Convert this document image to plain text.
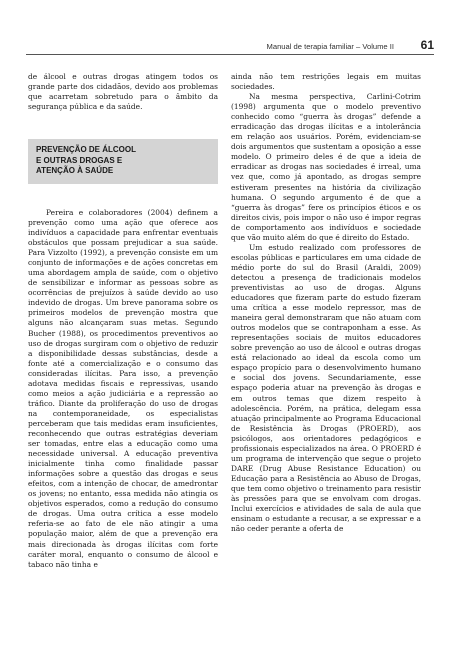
Manual de terapia familiar – Volume II 61

de álcool e outras drogas atingem todos os grande parte dos cidadãos, devido aos problemas que acarretam sobretudo para o âmbito da segurança pública e da saúde.

PREVENÇÃO DE ÁLCOOL
E OUTRAS DROGAS E
ATENÇÃO À SAÚDE

Pereira e colaboradores (2004) definem a prevenção como uma ação que oferece aos indivíduos a capacidade para enfrentar eventuais obstáculos que possam prejudicar a sua saúde. Para Vizzolto (1992), a prevenção consiste em um conjunto de informações e de ações concretas em uma abordagem ampla de saúde, com o objetivo de sensibilizar e informar as pessoas sobre as ocorrências de prejuízos à saúde devido ao uso indevido de drogas. Um breve panorama sobre os primeiros modelos de prevenção mostra que alguns não alcançaram suas metas. Segundo Bucher (1988), os procedimentos preventivos ao uso de drogas surgiram com o objetivo de reduzir a disponibilidade dessas substâncias, desde a fonte até a comercialização e o consumo das consideradas ilícitas. Para isso, a prevenção adotava medidas fiscais e repressivas, usando como meios a ação judiciária e a repressão ao tráfico. Diante da proliferação do uso de drogas na contemporaneidade, os especialistas perceberam que tais medidas eram insuficientes, reconhecendo que outras estratégias deveriam ser tomadas, entre elas a educação como uma necessidade universal. A educação preventiva inicialmente tinha como finalidade passar informações sobre a questão das drogas e seus efeitos, com a intenção de chocar, de amedrontar os jovens; no entanto, essa medida não atingia os objetivos esperados, como a redução do consumo de drogas. Uma outra crítica a esse modelo referia-se ao fato de ele não atingir a uma população maior, além de que a prevenção era mais direcionada às drogas ilícitas com forte caráter moral, enquanto o consumo de álcool e tabaco não tinha e

ainda não tem restrições legais em muitas sociedades.

Na mesma perspectiva, Carlini-Cotrim (1998) argumenta que o modelo preventivo conhecido como “guerra às drogas” defende a erradicação das drogas ilícitas e a intolerância em relação aos usuários. Porém, evidenciam-se dois argumentos que sustentam a oposição a esse modelo. O primeiro deles é de que a ideia de erradicar as drogas nas sociedades é irreal, uma vez que, como já apontado, as drogas sempre estiveram presentes na história da civilização humana. O segundo argumento é de que a “guerra às drogas” fere os princípios éticos e os direitos civis, pois impor o não uso é impor regras de comportamento aos indivíduos e sociedade que vão muito além do que é direito do Estado.

Um estudo realizado com professores de escolas públicas e particulares em uma cidade de médio porte do sul do Brasil (Araldi, 2009) detectou a presença de tradicionais modelos preventivistas ao uso de drogas. Alguns educadores que fizeram parte do estudo fizeram uma crítica a esse modelo repressor, mas de maneira geral demonstraram que não atuam com outros modelos que se contraponham a esse. As representações sociais de muitos educadores sobre prevenção ao uso de álcool e outras drogas está relacionado ao ideal da escola como um espaço propício para o desenvolvimento humano e social dos jovens. Secundariamente, esse espaço poderia atuar na prevenção às drogas e em outros temas que dizem respeito à adolescência. Porém, na prática, delegam essa atuação principalmente ao Programa Educacional de Resistência às Drogas (PROERD), aos psicólogos, aos orientadores pedagógicos e profissionais especializados na área. O PROERD é um programa de intervenção que segue o projeto DARE (Drug Abuse Resistance Education) ou Educação para a Resistência ao Abuso de Drogas, que tem como objetivo o treinamento para resistir às pressões para que se envolvam com drogas. Inclui exercícios e atividades de sala de aula que ensinam o estudante a recusar, a se expressar e a não ceder perante a oferta de
